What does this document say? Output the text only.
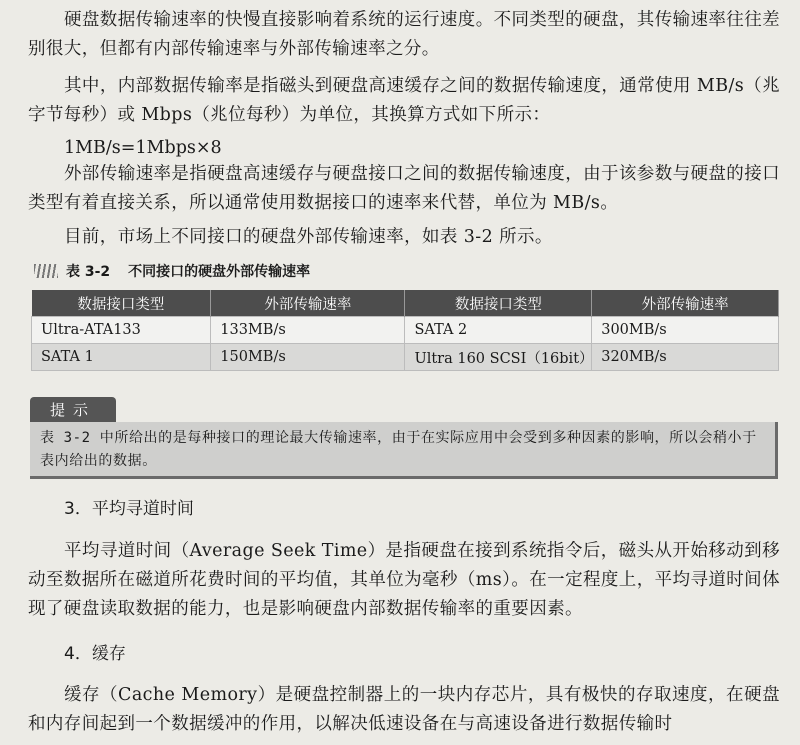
硬盘数据传输速率的快慢直接影响着系统的运行速度。不同类型的硬盘，其传输速率往往差别很大，但都有内部传输速率与外部传输速率之分。

其中，内部数据传输率是指磁头到硬盘高速缓存之间的数据传输速度，通常使用 MB/s（兆字节每秒）或 Mbps（兆位每秒）为单位，其换算方式如下所示：

1MB/s=1Mbps×8

外部传输速率是指硬盘高速缓存与硬盘接口之间的数据传输速度，由于该参数与硬盘的接口类型有着直接关系，所以通常使用数据接口的速率来代替，单位为 MB/s。

目前，市场上不同接口的硬盘外部传输速率，如表 3-2 所示。

表 3-2 不同接口的硬盘外部传输速率
数据接口类型	外部传输速率	数据接口类型	外部传输速率
Ultra-ATA133	133MB/s	SATA 2	300MB/s
SATA 1	150MB/s	Ultra 160 SCSI（16bit）	320MB/s
提示

表 3-2 中所给出的是每种接口的理论最大传输速率，由于在实际应用中会受到多种因素的影响，所以会稍小于表内给出的数据。

3．平均寻道时间

平均寻道时间（Average Seek Time）是指硬盘在接到系统指令后，磁头从开始移动到移动至数据所在磁道所花费时间的平均值，其单位为毫秒（ms）。在一定程度上，平均寻道时间体现了硬盘读取数据的能力，也是影响硬盘内部数据传输率的重要因素。

4．缓存

缓存（Cache Memory）是硬盘控制器上的一块内存芯片，具有极快的存取速度，在硬盘和内存间起到一个数据缓冲的作用，以解决低速设备在与高速设备进行数据传输时
